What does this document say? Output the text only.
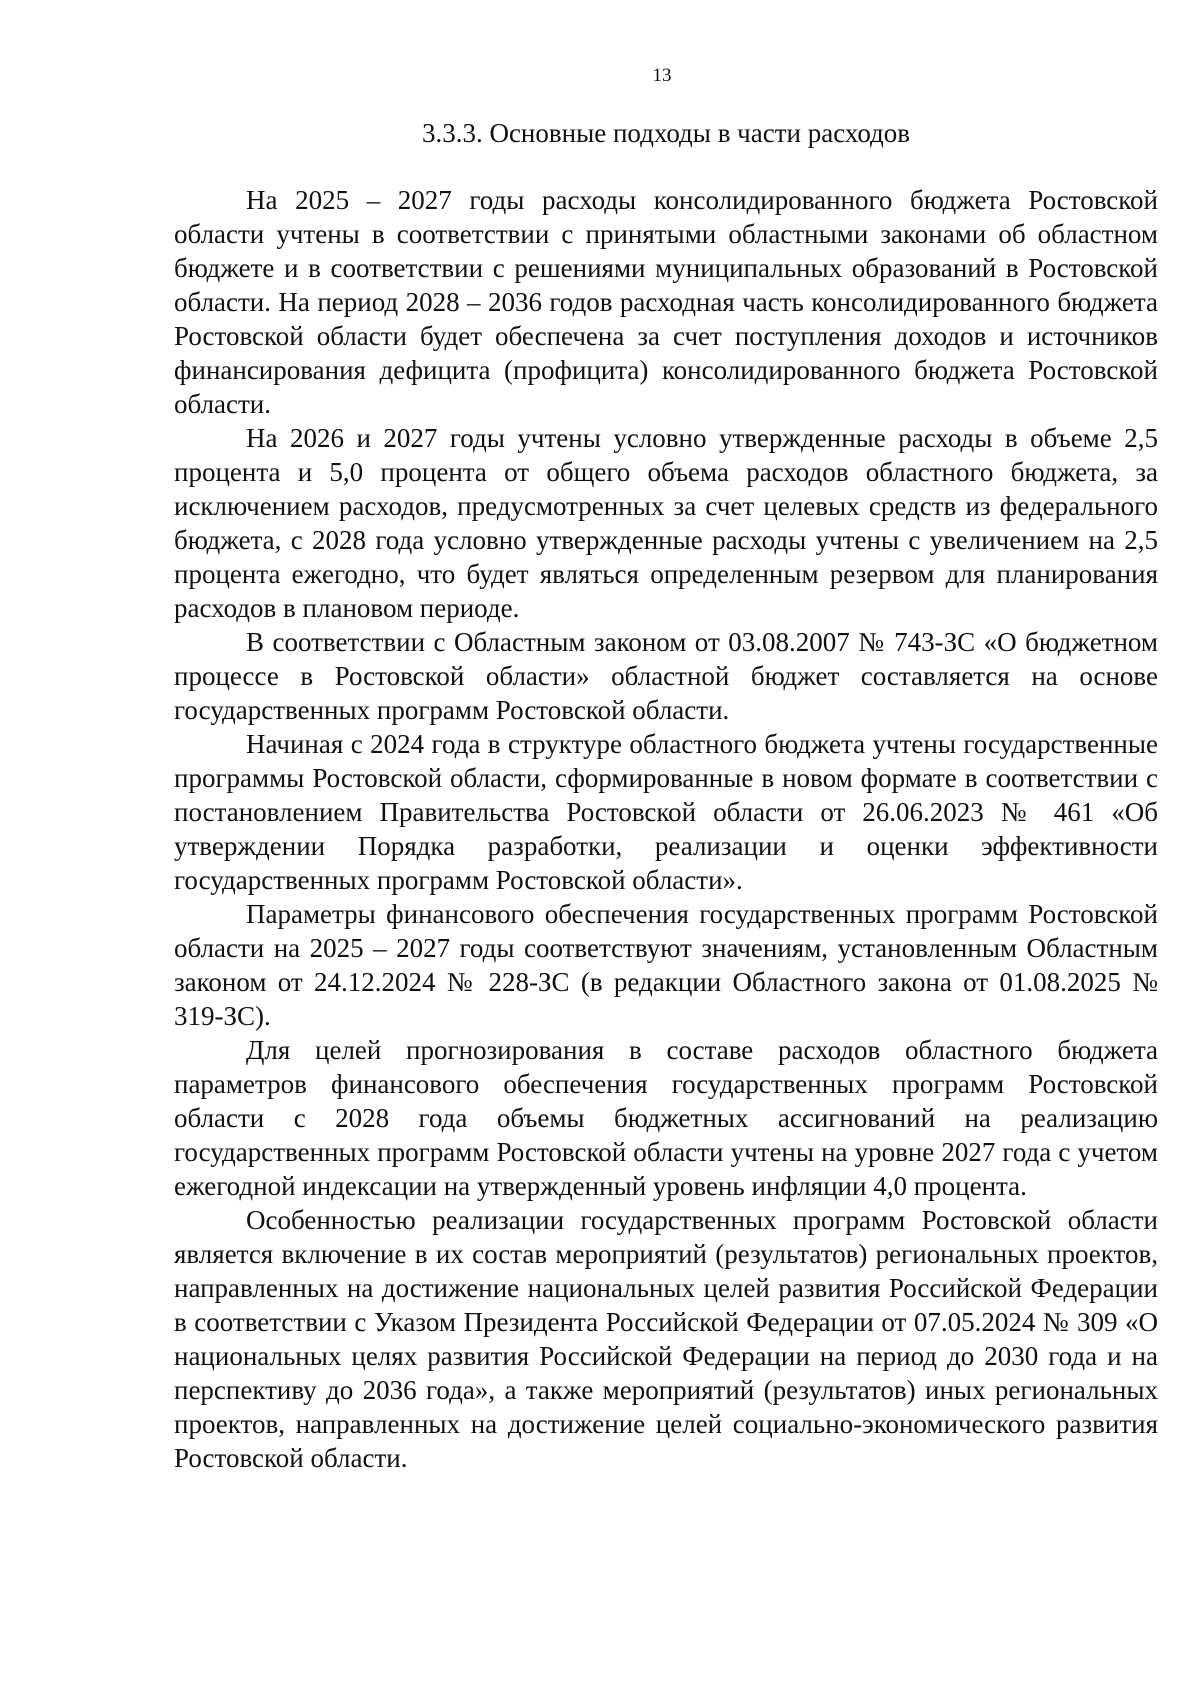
13
3.3.3. Основные подходы в части расходов

На 2025 – 2027 годы расходы консолидированного бюджета Ростовской области учтены в соответствии с принятыми областными законами об областном бюджете и в соответствии с решениями муниципальных образований в Ростовской области. На период 2028 – 2036 годов расходная часть консолидированного бюджета Ростовской области будет обеспечена за счет поступления доходов и источников финансирования дефицита (профицита) консолидированного бюджета Ростовской области.

На 2026 и 2027 годы учтены условно утвержденные расходы в объеме 2,5 процента и 5,0 процента от общего объема расходов областного бюджета, за исключением расходов, предусмотренных за счет целевых средств из федерального бюджета, с 2028 года условно утвержденные расходы учтены с увеличением на 2,5 процента ежегодно, что будет являться определенным резервом для планирования расходов в плановом периоде.

В соответствии с Областным законом от 03.08.2007 № 743-ЗС «О бюджетном процессе в Ростовской области» областной бюджет составляется на основе государственных программ Ростовской области.

Начиная с 2024 года в структуре областного бюджета учтены государственные программы Ростовской области, сформированные в новом формате в соответствии с постановлением Правительства Ростовской области от 26.06.2023 № 461 «Об утверждении Порядка разработки, реализации и оценки эффективности государственных программ Ростовской области».

Параметры финансового обеспечения государственных программ Ростовской области на 2025 – 2027 годы соответствуют значениям, установленным Областным законом от 24.12.2024 № 228-ЗС (в редакции Областного закона от 01.08.2025 № 319-ЗС).

Для целей прогнозирования в составе расходов областного бюджета параметров финансового обеспечения государственных программ Ростовской области с 2028 года объемы бюджетных ассигнований на реализацию государственных программ Ростовской области учтены на уровне 2027 года с учетом ежегодной индексации на утвержденный уровень инфляции 4,0 процента.

Особенностью реализации государственных программ Ростовской области является включение в их состав мероприятий (результатов) региональных проектов, направленных на достижение национальных целей развития Российской Федерации в соответствии с Указом Президента Российской Федерации от 07.05.2024 № 309 «О национальных целях развития Российской Федерации на период до 2030 года и на перспективу до 2036 года», а также мероприятий (результатов) иных региональных проектов, направленных на достижение целей социально-экономического развития Ростовской области.
